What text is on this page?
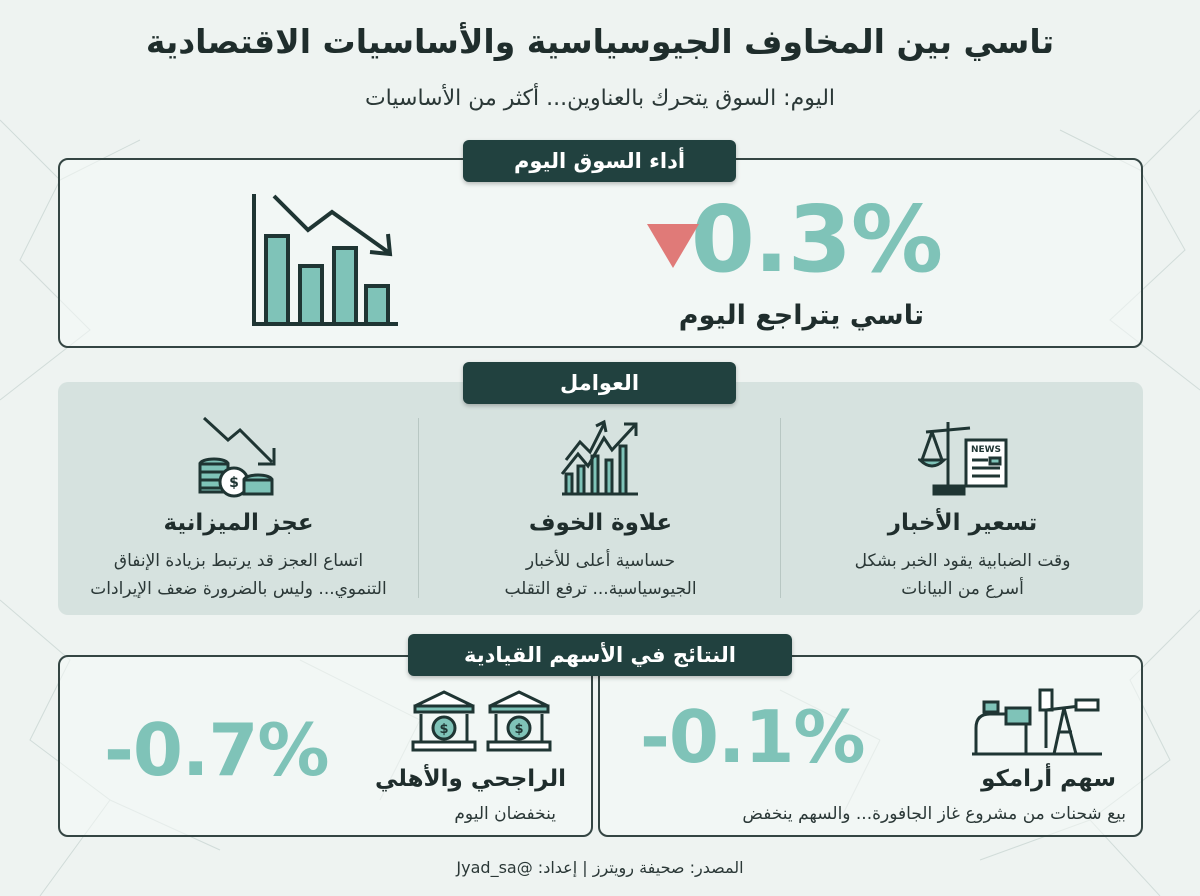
تاسي بين المخاوف الجيوسياسية والأساسيات الاقتصادية
اليوم: السوق يتحرك بالعناوين... أكثر من الأساسيات
أداء السوق اليوم
0.3%
تاسي يتراجع اليوم
العوامل
NEWS
تسعير الأخبار
وقت الضبابية يقود الخبر بشكل
أسرع من البيانات
علاوة الخوف
حساسية أعلى للأخبار
الجيوسياسية... ترفع التقلب
$
عجز الميزانية
اتساع العجز قد يرتبط بزيادة الإنفاق
التنموي... وليس بالضرورة ضعف الإيرادات
النتائج في الأسهم القيادية
-0.1%	سهم أرامكو
بيع شحنات من مشروع غاز الجافورة... والسهم ينخفض
$	$
-0.7% الراجحي والأهلي
ينخفضان اليوم
المصدر: صحيفة رويترز | إعداد: @Jyad_sa
